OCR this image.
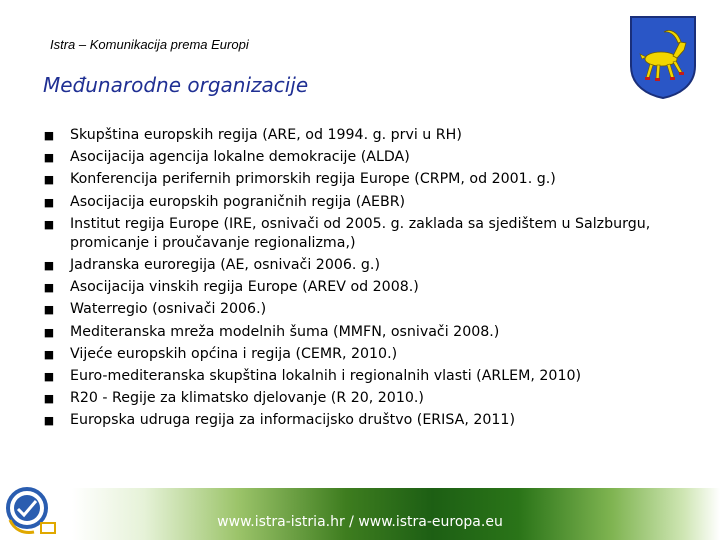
Istra – Komunikacija prema Europi
Međunarodne organizacije
■ Skupština europskih regija (ARE, od 1994. g. prvi u RH)
■ Asocijacija agencija lokalne demokracije (ALDA)
■ Konferencija perifernih primorskih regija Europe (CRPM, od 2001. g.)
■ Asocijacija europskih pograničnih regija (AEBR)
■ Institut regija Europe (IRE, osnivači od 2005. g. zaklada sa sjedištem u Salzburgu, promicanje i proučavanje regionalizma,)
■ Jadranska euroregija (AE, osnivači 2006. g.)
■ Asocijacija vinskih regija Europe (AREV od 2008.)
■ Waterregio (osnivači 2006.)
■ Mediteranska mreža modelnih šuma (MMFN, osnivači 2008.)
■ Vijeće europskih općina i regija (CEMR, 2010.)
■ Euro-mediteranska skupština lokalnih i regionalnih vlasti (ARLEM, 2010)
■ R20 - Regije za klimatsko djelovanje (R 20, 2010.)
■ Europska udruga regija za informacijsko društvo (ERISA, 2011)
www.istra-istria.hr / www.istra-europa.eu
